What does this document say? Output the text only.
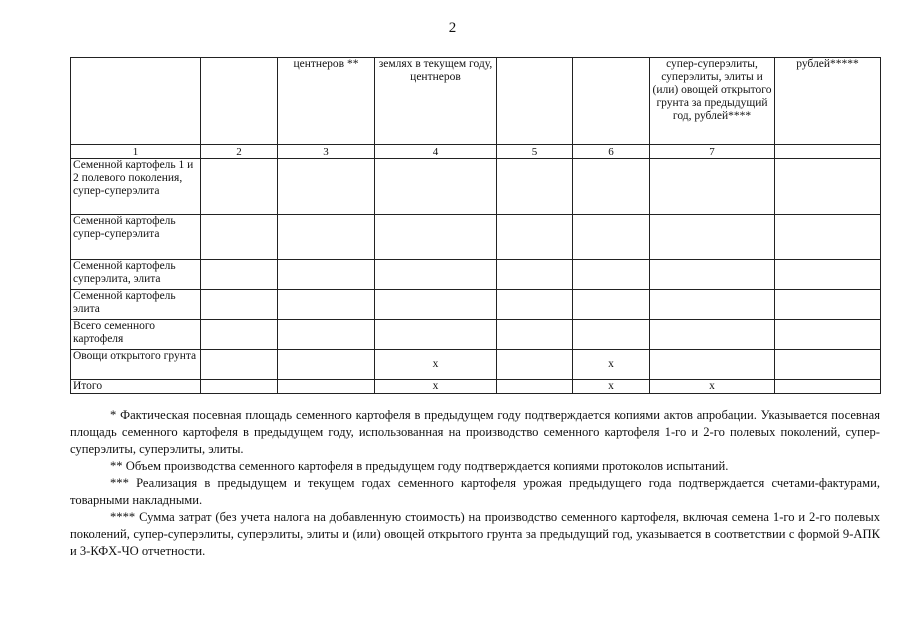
2
		центнеров **	землях в текущем году, центнеров			супер-суперэлиты, суперэлиты, элиты и (или) овощей открытого грунта за предыдущий год, рублей****	рублей*****
1	2	3	4	5	6	7	
Семенной картофель 1 и 2 полевого поколения, супер-суперэлита							
Семенной картофель супер-суперэлита							
Семенной картофель суперэлита, элита							
Семенной картофель элита							
Всего семенного картофеля							
Овощи открытого грунта			x		x		
Итого			x		x	x	

* Фактическая посевная площадь семенного картофеля в предыдущем году подтверждается копиями актов апробации. Указывается посевная площадь семенного картофеля в предыдущем году, использованная на производство семенного картофеля 1-го и 2-го полевых поколений, супер-суперэлиты, суперэлиты, элиты.

** Объем производства семенного картофеля в предыдущем году подтверждается копиями протоколов испытаний.

*** Реализация в предыдущем и текущем годах семенного картофеля урожая предыдущего года подтверждается счетами-фактурами, товарными накладными.

**** Сумма затрат (без учета налога на добавленную стоимость) на производство семенного картофеля, включая семена 1-го и 2-го полевых поколений, супер-суперэлиты, суперэлиты, элиты и (или) овощей открытого грунта за предыдущий год, указывается в соответствии с формой 9-АПК и 3-КФХ-ЧО отчетности.
